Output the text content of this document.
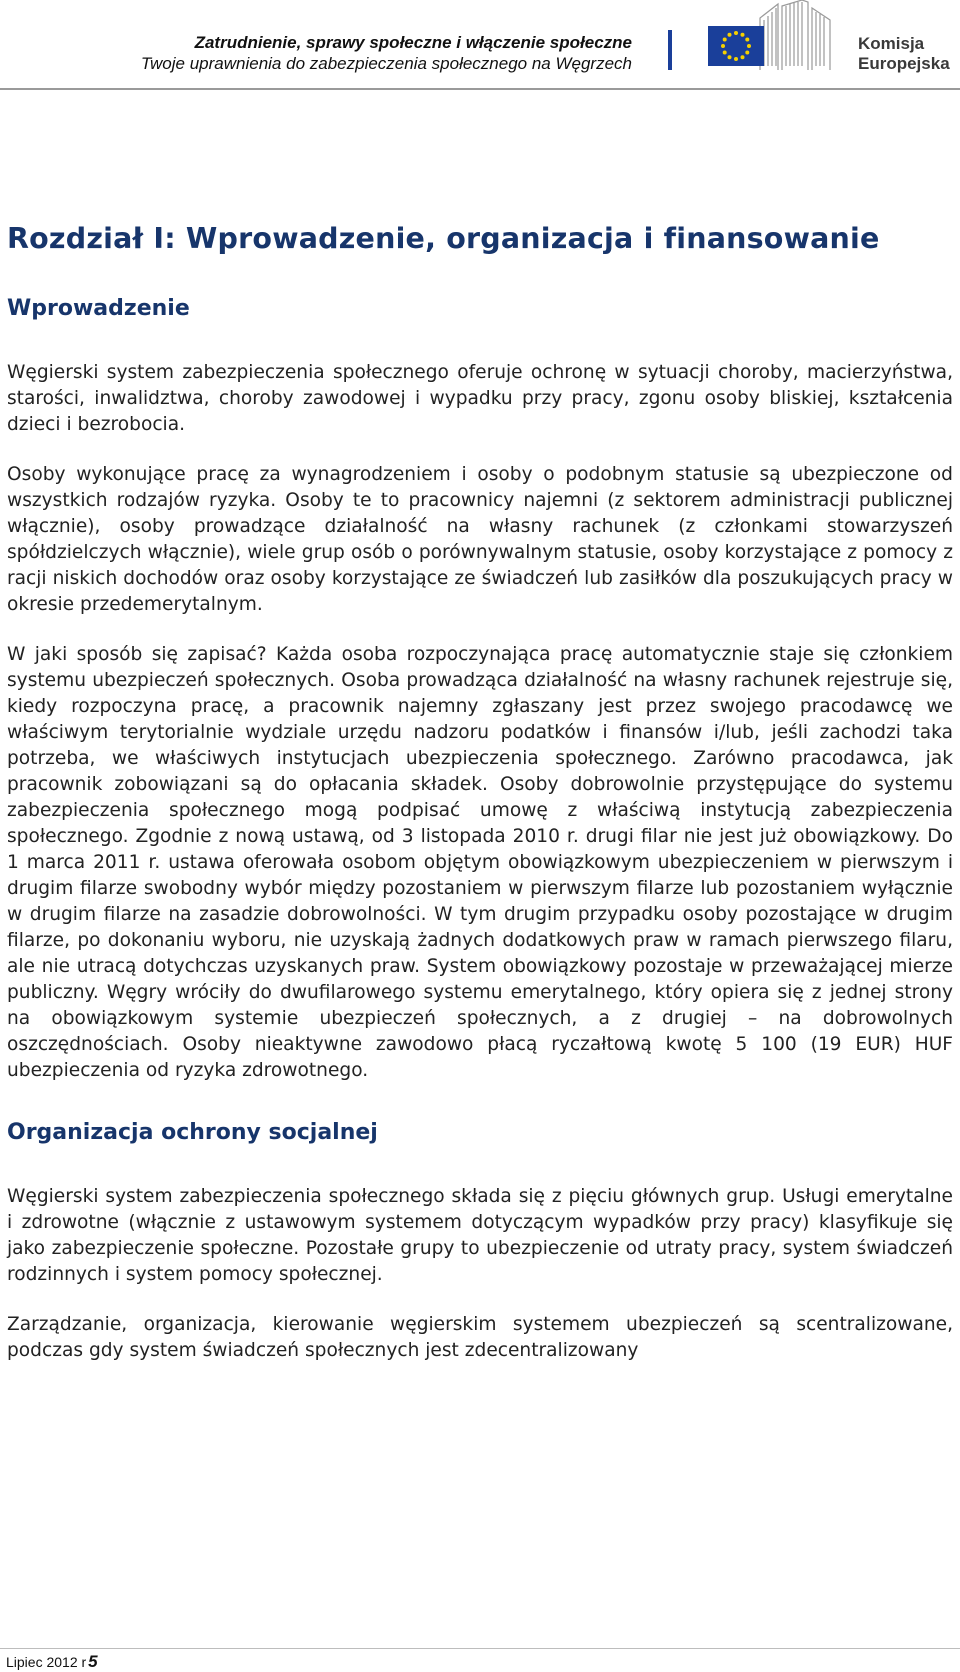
Zatrudnienie, sprawy społeczne i włączenie społeczne
Twoje uprawnienia do zabezpieczenia społecznego na Węgrzech
Komisja
Europejska
Rozdział I: Wprowadzenie, organizacja i finansowanie
Wprowadzenie

Węgierski system zabezpieczenia społecznego oferuje ochronę w sytuacji choroby, macierzyństwa, starości, inwalidztwa, choroby zawodowej i wypadku przy pracy, zgonu osoby bliskiej, kształcenia dzieci i bezrobocia.

Osoby wykonujące pracę za wynagrodzeniem i osoby o podobnym statusie są ubezpieczone od wszystkich rodzajów ryzyka. Osoby te to pracownicy najemni (z sektorem administracji publicznej włącznie), osoby prowadzące działalność na własny rachunek (z członkami stowarzyszeń spółdzielczych włącznie), wiele grup osób o porównywalnym statusie, osoby korzystające z pomocy z racji niskich dochodów oraz osoby korzystające ze świadczeń lub zasiłków dla poszukujących pracy w okresie przedemerytalnym.

W jaki sposób się zapisać? Każda osoba rozpoczynająca pracę automatycznie staje się członkiem systemu ubezpieczeń społecznych. Osoba prowadząca działalność na własny rachunek rejestruje się, kiedy rozpoczyna pracę, a pracownik najemny zgłaszany jest przez swojego pracodawcę we właściwym terytorialnie wydziale urzędu nadzoru podatków i finansów i/lub, jeśli zachodzi taka potrzeba, we właściwych instytucjach ubezpieczenia społecznego. Zarówno pracodawca, jak pracownik zobowiązani są do opłacania składek. Osoby dobrowolnie przystępujące do systemu zabezpieczenia społecznego mogą podpisać umowę z właściwą instytucją zabezpieczenia społecznego. Zgodnie z nową ustawą, od 3 listopada 2010 r. drugi filar nie jest już obowiązkowy. Do 1 marca 2011 r. ustawa oferowała osobom objętym obowiązkowym ubezpieczeniem w pierwszym i drugim filarze swobodny wybór między pozostaniem w pierwszym filarze lub pozostaniem wyłącznie w drugim filarze na zasadzie dobrowolności. W tym drugim przypadku osoby pozostające w drugim filarze, po dokonaniu wyboru, nie uzyskają żadnych dodatkowych praw w ramach pierwszego filaru, ale nie utracą dotychczas uzyskanych praw. System obowiązkowy pozostaje w przeważającej mierze publiczny. Węgry wróciły do dwufilarowego systemu emerytalnego, który opiera się z jednej strony na obowiązkowym systemie ubezpieczeń społecznych, a z drugiej – na dobrowolnych oszczędnościach. Osoby nieaktywne zawodowo płacą ryczałtową kwotę 5 100 (19 EUR) HUF ubezpieczenia od ryzyka zdrowotnego.

Organizacja ochrony socjalnej

Węgierski system zabezpieczenia społecznego składa się z pięciu głównych grup. Usługi emerytalne i zdrowotne (włącznie z ustawowym systemem dotyczącym wypadków przy pracy) klasyfikuje się jako zabezpieczenie społeczne. Pozostałe grupy to ubezpieczenie od utraty pracy, system świadczeń rodzinnych i system pomocy społecznej.

Zarządzanie, organizacja, kierowanie węgierskim systemem ubezpieczeń są scentralizowane, podczas gdy system świadczeń społecznych jest zdecentralizowany

Lipiec 2012 r 5
